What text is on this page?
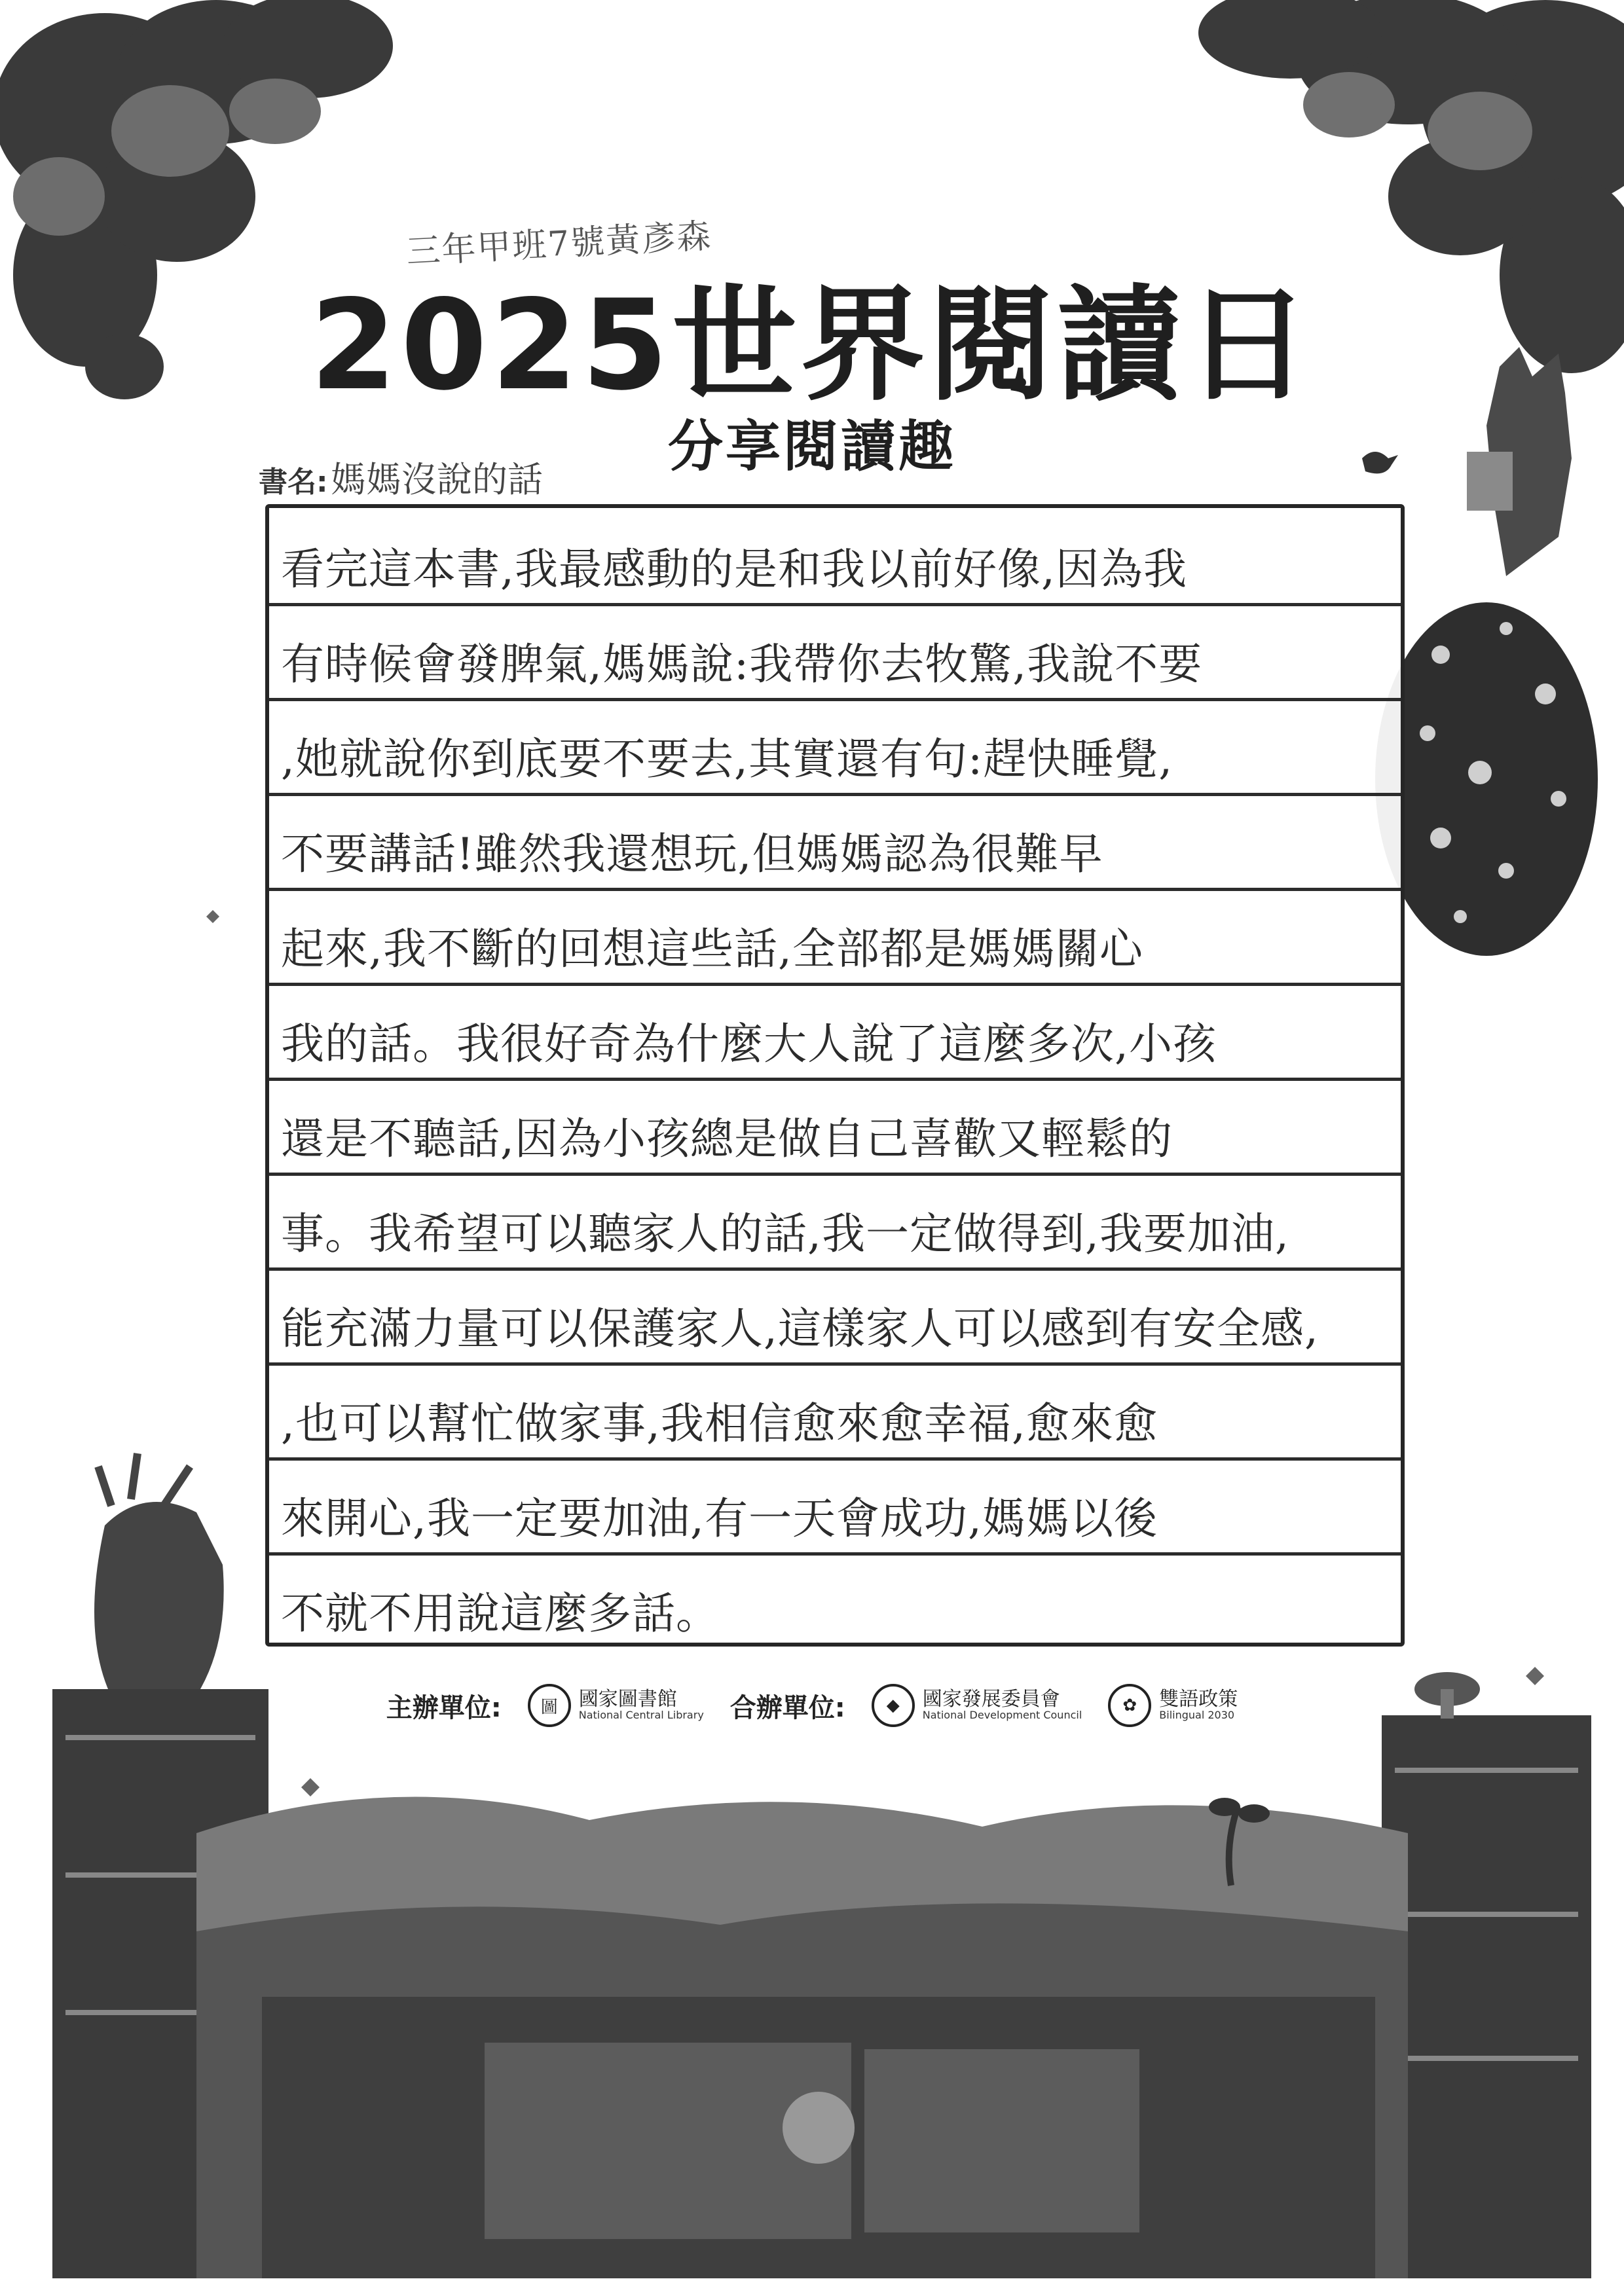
三年甲班7號黃彥森
2025世界閱讀日
分享閱讀趣
書名: 媽媽沒說的話
看完這本書,我最感動的是和我以前好像,因為我
有時候會發脾氣,媽媽說:我帶你去牧驚,我說不要
,她就說你到底要不要去,其實還有句:趕快睡覺,
不要講話!雖然我還想玩,但媽媽認為很難早
起來,我不斷的回想這些話,全部都是媽媽關心
我的話。我很好奇為什麼大人說了這麼多次,小孩
還是不聽話,因為小孩總是做自己喜歡又輕鬆的
事。我希望可以聽家人的話,我一定做得到,我要加油,
能充滿力量可以保護家人,這樣家人可以感到有安全感,
,也可以幫忙做家事,我相信愈來愈幸福,愈來愈
來開心,我一定要加油,有一天會成功,媽媽以後
不就不用說這麼多話。
主辦單位:	圖	國家圖書館
National Central Library 合辦單位:	◆	國家發展委員會
National Development Council	✿	雙語政策
Bilingual 2030
